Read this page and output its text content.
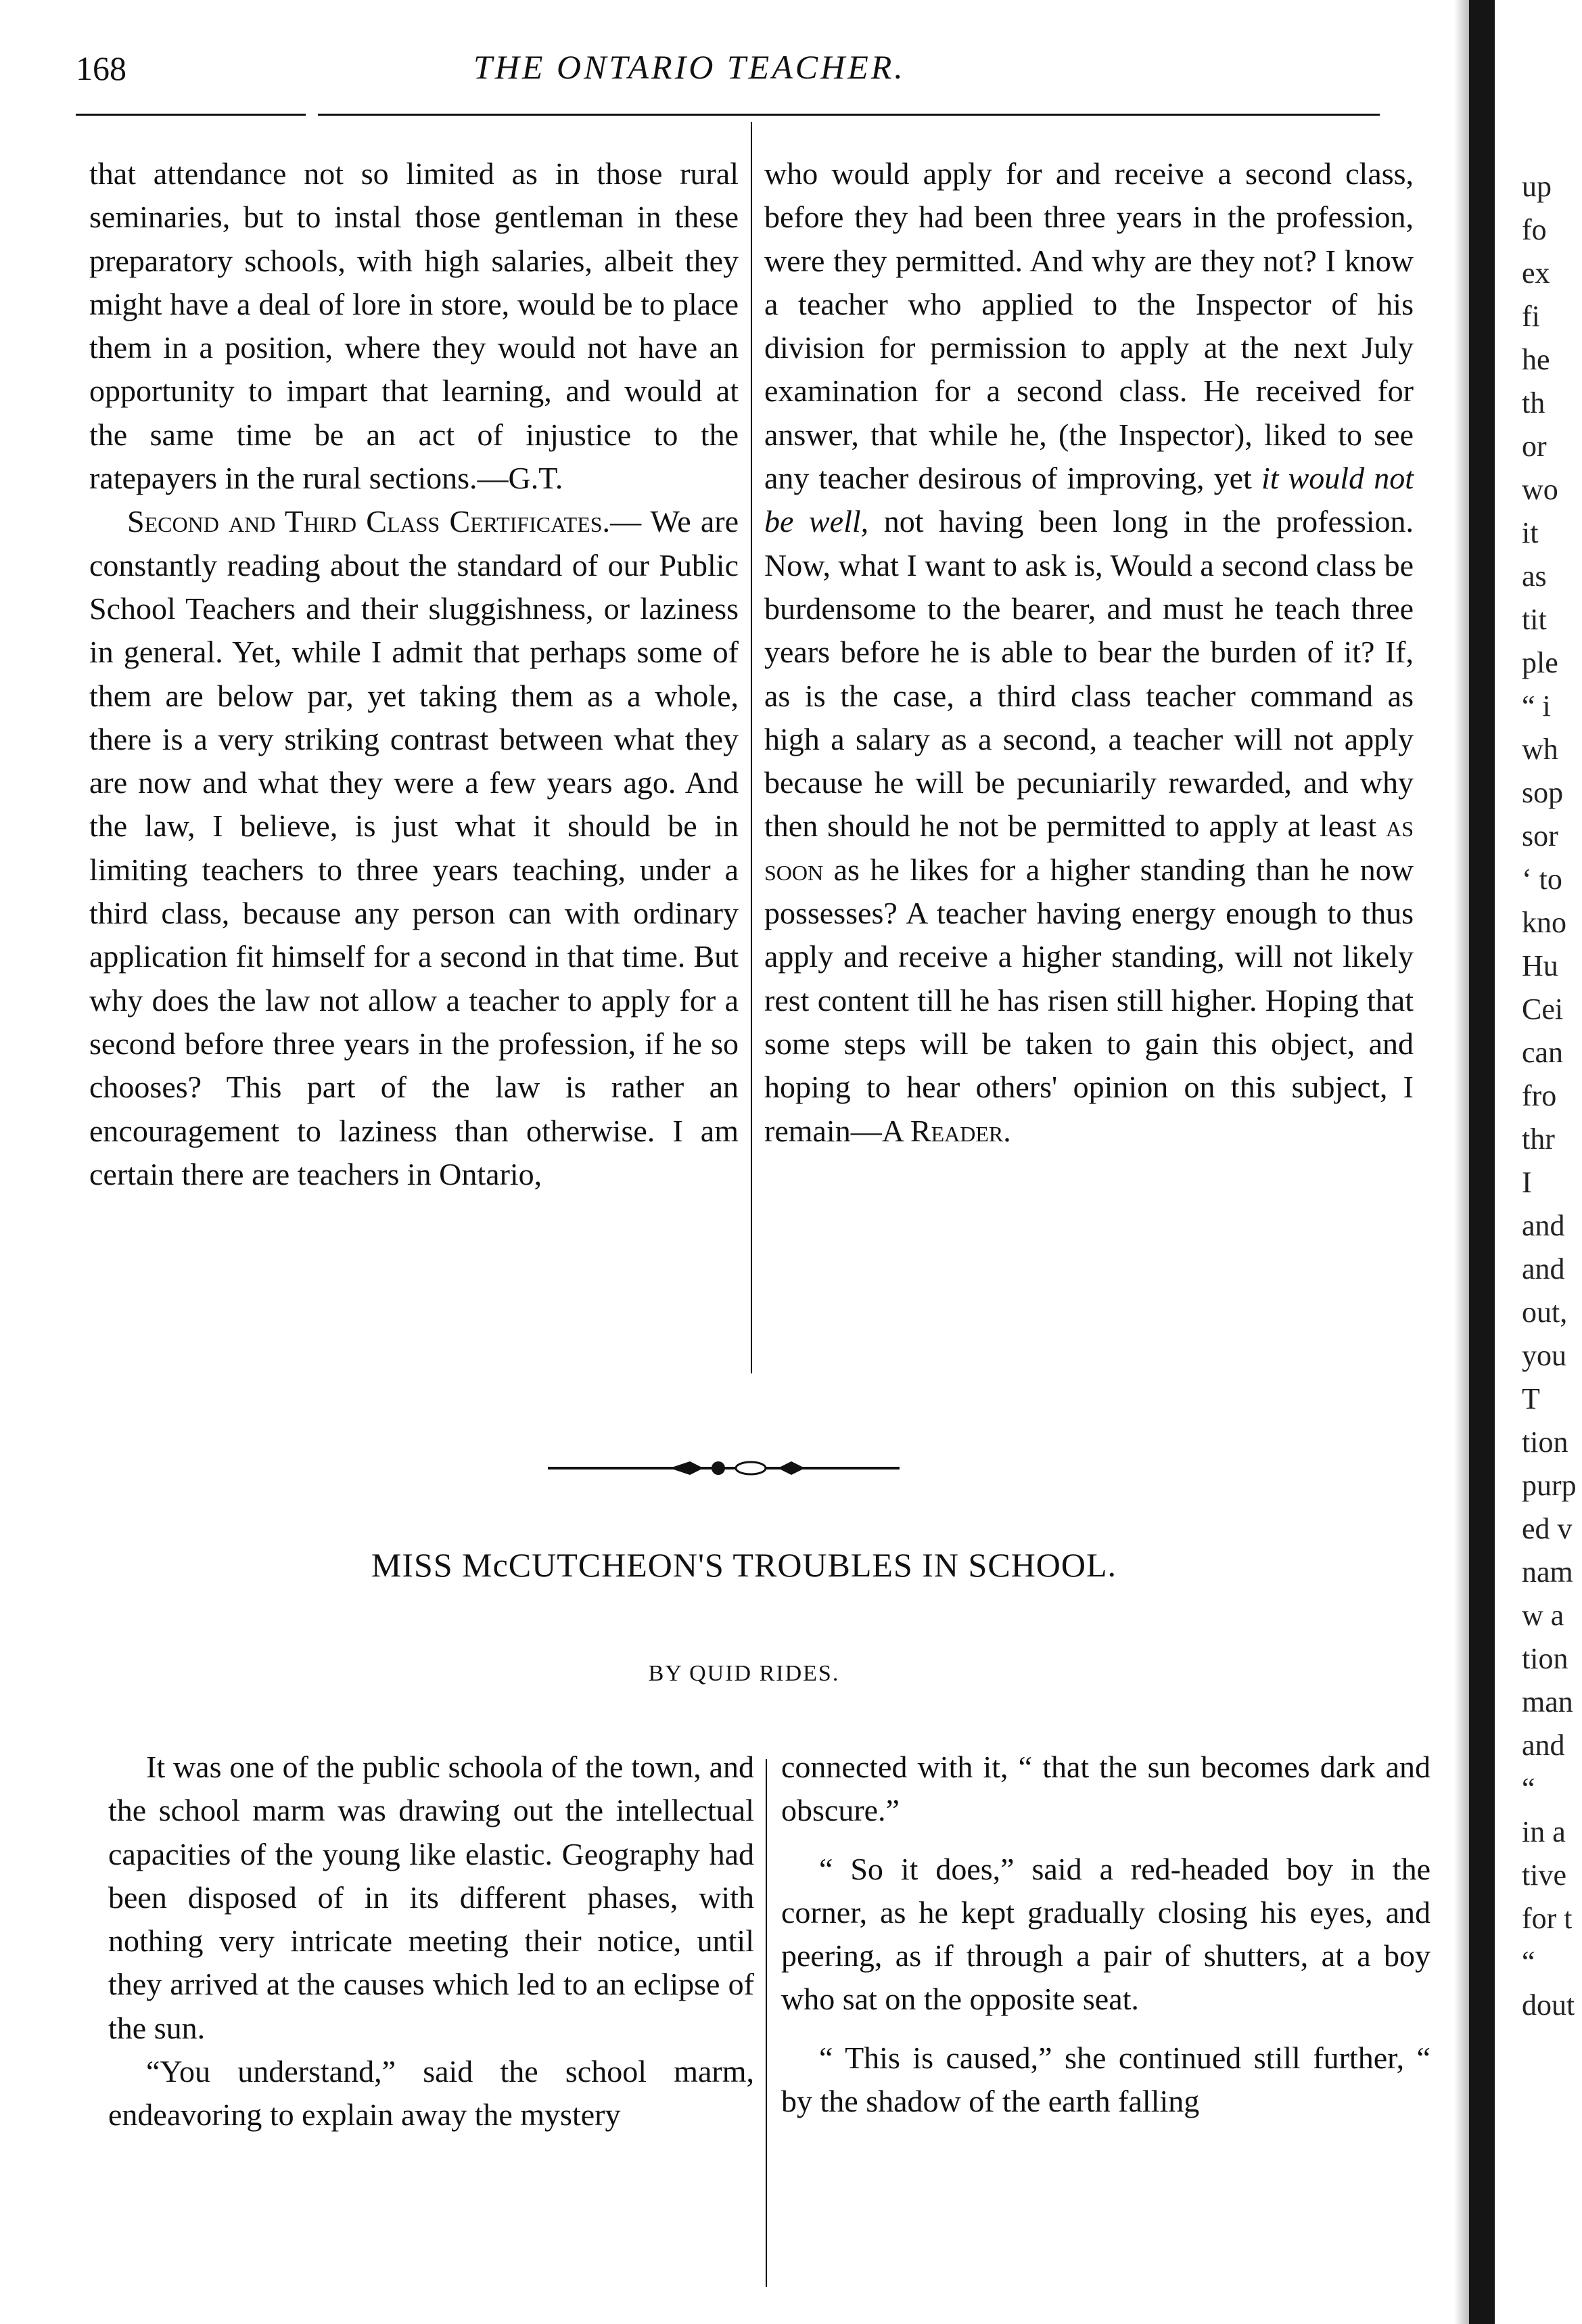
168	THE ONTARIO TEACHER.

that attendance not so limited as in those rural seminaries, but to instal those gentleman in these preparatory schools, with high salaries, albeit they might have a deal of lore in store, would be to place them in a position, where they would not have an opportunity to impart that learning, and would at the same time be an act of injustice to the ratepayers in the rural sections.—G.T.

Second and Third Class Certificates.— We are constantly reading about the standard of our Public School Teachers and their sluggishness, or laziness in general. Yet, while I admit that perhaps some of them are below par, yet taking them as a whole, there is a very striking contrast between what they are now and what they were a few years ago. And the law, I believe, is just what it should be in limiting teachers to three years teaching, under a third class, because any person can with ordinary application fit himself for a second in that time. But why does the law not allow a teacher to apply for a second before three years in the profession, if he so chooses? This part of the law is rather an encouragement to laziness than otherwise. I am certain there are teachers in Ontario,

who would apply for and receive a second class, before they had been three years in the profession, were they permitted. And why are they not? I know a teacher who applied to the Inspector of his division for permission to apply at the next July examination for a second class. He received for answer, that while he, (the Inspector), liked to see any teacher desirous of improving, yet it would not be well, not having been long in the profession. Now, what I want to ask is, Would a second class be burdensome to the bearer, and must he teach three years before he is able to bear the burden of it? If, as is the case, a third class teacher command as high a salary as a second, a teacher will not apply because he will be pecuniarily rewarded, and why then should he not be permitted to apply at least as soon as he likes for a higher standing than he now possesses? A teacher having energy enough to thus apply and receive a higher standing, will not likely rest content till he has risen still higher. Hoping that some steps will be taken to gain this object, and hoping to hear others' opinion on this subject, I remain—A Reader.

MISS McCUTCHEON'S TROUBLES IN SCHOOL.
BY QUID RIDES.

It was one of the public schoola of the town, and the school marm was drawing out the intellectual capacities of the young like elastic. Geography had been disposed of in its different phases, with nothing very intricate meeting their notice, until they arrived at the causes which led to an eclipse of the sun.

“You understand,” said the school marm, endeavoring to explain away the mystery

connected with it, “ that the sun becomes dark and obscure.”

“ So it does,” said a red-headed boy in the corner, as he kept gradually closing his eyes, and peering, as if through a pair of shutters, at a boy who sat on the opposite seat.

“ This is caused,” she continued still further, “ by the shadow of the earth falling

up
fo
ex
fi
he
th
or
wo
it
as
tit
ple
“ i
wh
sop
sor
‘ to
kno
Hu
Cei
can
fro
thr
I
and
and
out,
you
T
tion
purp
ed v
nam
w a
tion
man
and
“
in a
tive
for t
“
dout
